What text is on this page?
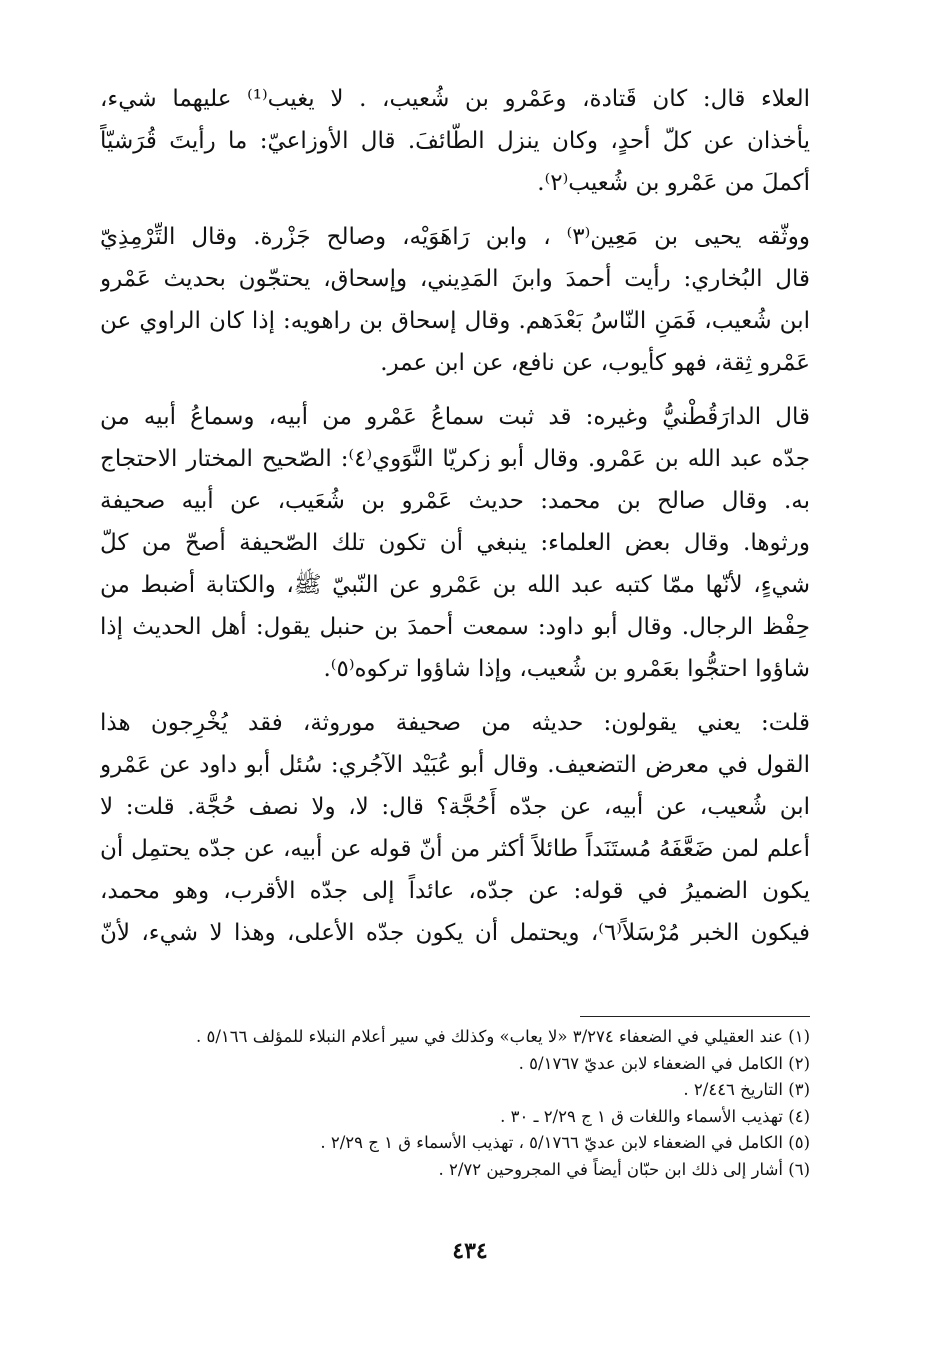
العلاء قال: كان قَتادة، وعَمْرو بن شُعيب، . لا يغيب⁽¹⁾ عليهما شيء،
يأخذان عن كلّ أحدٍ، وكان ينزل الطّائفَ. قال الأوزاعيّ: ما رأيتَ قُرَشيّاً
أكملَ من عَمْرو بن شُعيب⁽٢⁾.

ووثّقه يحيى بن مَعِين⁽٣⁾ ، وابن رَاهَوَيْه، وصالح جَزْرة. وقال التِّرْمِذِيّ
قال البُخاري: رأيت أحمدَ وابنَ المَدِيني، وإسحاق، يحتجّون بحديث عَمْرو
ابن شُعيب، فَمَنِ النّاسُ بَعْدَهم. وقال إسحاق بن راهويه: إذا كان الراوي عن
عَمْرو ثِقة، فهو كأيوب، عن نافع، عن ابن عمر.

قال الدارَقُطْنيُّ وغيره: قد ثبت سماعُ عَمْرو من أبيه، وسماعُ أبيه من
جدّه عبد الله بن عَمْرو. وقال أبو زكريّا النَّوَوي⁽٤⁾: الصّحيح المختار الاحتجاج
به. وقال صالح بن محمد: حديث عَمْرو بن شُعَيب، عن أبيه صحيفة
ورثوها. وقال بعض العلماء: ينبغي أن تكون تلك الصّحيفة أصحّ من كلّ
شيءٍ، لأنّها ممّا كتبه عبد الله بن عَمْرو عن النّبيّ ﷺ، والكتابة أضبط من
حِفْظ الرجال. وقال أبو داود: سمعت أحمدَ بن حنبل يقول: أهل الحديث إذا
شاؤوا احتجُّوا بعَمْرو بن شُعيب، وإذا شاؤوا تركوه⁽٥⁾.

قلت: يعني يقولون: حديثه من صحيفة موروثة، فقد يُخْرِجون هذا
القول في معرض التضعيف. وقال أبو عُبَيْد الآجُري: سُئل أبو داود عن عَمْرو
ابن شُعيب، عن أبيه، عن جدّه أَحُجَّة؟ قال: لا، ولا نصف حُجَّة. قلت: لا
أعلم لمن ضَعَّفَهُ مُستَنَداً طائلاً أكثر من أنّ قوله عن أبيه، عن جدّه يحتمِل أن
يكون الضميرُ في قوله: عن جدّه، عائداً إلى جدّه الأقرب، وهو محمد،
فيكون الخبر مُرْسَلاً⁽٦⁾، ويحتمل أن يكون جدّه الأعلى، وهذا لا شيء، لأنّ

(١) عند العقيلي في الضعفاء ٣/٢٧٤ «لا يعاب» وكذلك في سير أعلام النبلاء للمؤلف ٥/١٦٦ .
(٢) الكامل في الضعفاء لابن عديّ ٥/١٧٦٧ .
(٣) التاريخ ٢/٤٤٦ .
(٤) تهذيب الأسماء واللغات ق ١ ج ٢/٢٩ ـ ٣٠ .
(٥) الكامل في الضعفاء لابن عديّ ٥/١٧٦٦ ، تهذيب الأسماء ق ١ ج ٢/٢٩ .
(٦) أشار إلى ذلك ابن حبّان أيضاً في المجروحين ٢/٧٢ .
٤٣٤
